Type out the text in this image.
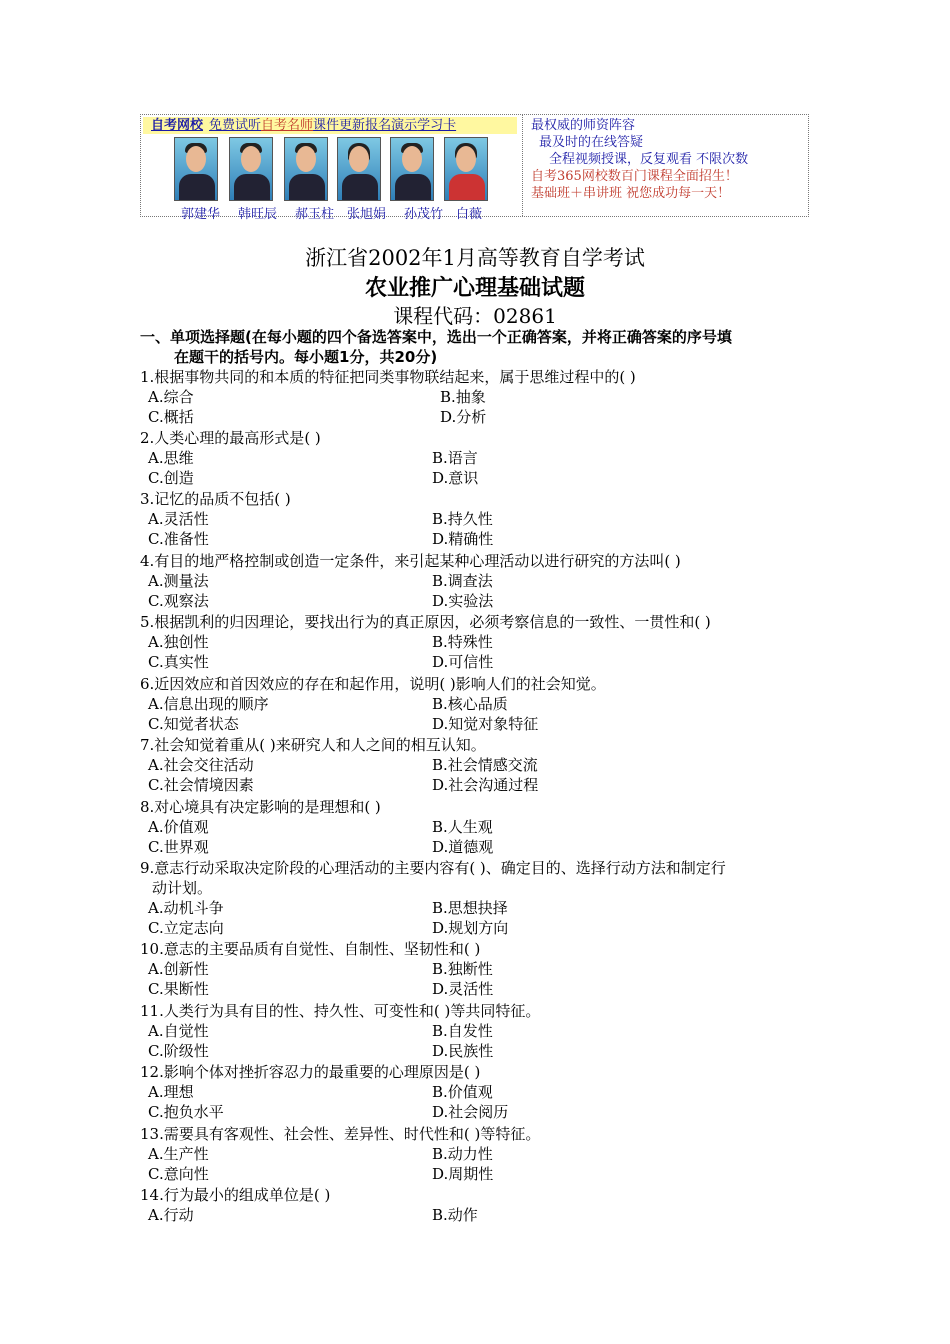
自考网校 免费试听自考名师课件更新报名演示学习卡
郭建华 韩旺辰 郝玉柱 张旭娟 孙茂竹 白薇
最权威的师资阵容
最及时的在线答疑
全程视频授课，反复观看 不限次数
自考365网校数百门课程全面招生！
基础班＋串讲班 祝您成功每一天！
浙江省2002年1月高等教育自学考试
农业推广心理基础试题
课程代码：02861
一、单项选择题(在每小题的四个备选答案中，选出一个正确答案，并将正确答案的序号填
在题干的括号内。每小题1分，共20分)
1.根据事物共同的和本质的特征把同类事物联结起来，属于思维过程中的( )
A.综合	B.抽象
C.概括	D.分析
2.人类心理的最高形式是( )
A.思维	B.语言
C.创造	D.意识
3.记忆的品质不包括( )
A.灵活性	B.持久性
C.准备性	D.精确性
4.有目的地严格控制或创造一定条件，来引起某种心理活动以进行研究的方法叫( )
A.测量法	B.调查法
C.观察法	D.实验法
5.根据凯利的归因理论，要找出行为的真正原因，必须考察信息的一致性、一贯性和( )
A.独创性	B.特殊性
C.真实性	D.可信性
6.近因效应和首因效应的存在和起作用，说明( )影响人们的社会知觉。
A.信息出现的顺序	B.核心品质
C.知觉者状态	D.知觉对象特征
7.社会知觉着重从( )来研究人和人之间的相互认知。
A.社会交往活动	B.社会情感交流
C.社会情境因素	D.社会沟通过程
8.对心境具有决定影响的是理想和( )
A.价值观	B.人生观
C.世界观	D.道德观
9.意志行动采取决定阶段的心理活动的主要内容有( )、确定目的、选择行动方法和制定行
动计划。
A.动机斗争	B.思想抉择
C.立定志向	D.规划方向
10.意志的主要品质有自觉性、自制性、坚韧性和( )
A.创新性	B.独断性
C.果断性	D.灵活性
11.人类行为具有目的性、持久性、可变性和( )等共同特征。
A.自觉性	B.自发性
C.阶级性	D.民族性
12.影响个体对挫折容忍力的最重要的心理原因是( )
A.理想	B.价值观
C.抱负水平	D.社会阅历
13.需要具有客观性、社会性、差异性、时代性和( )等特征。
A.生产性	B.动力性
C.意向性	D.周期性
14.行为最小的组成单位是( )
A.行动	B.动作
